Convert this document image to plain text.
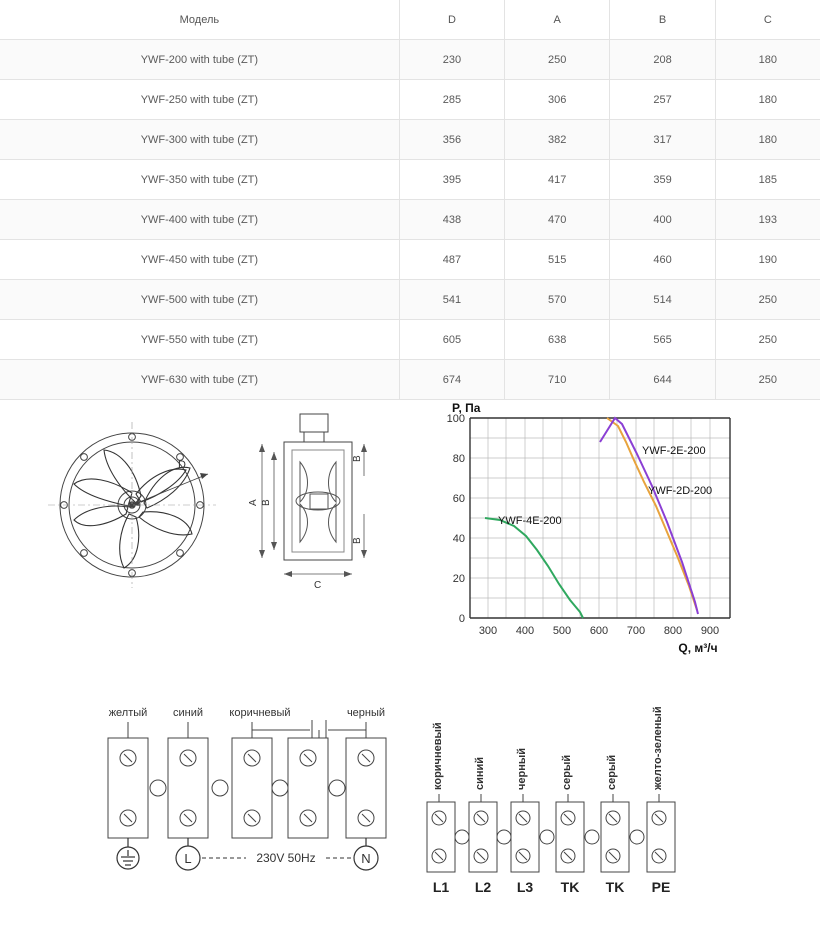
Модель	D	A	B	C
YWF-200 with tube (ZT)	230	250	208	180
YWF-250 with tube (ZT)	285	306	257	180
YWF-300 with tube (ZT)	356	382	317	180
YWF-350 with tube (ZT)	395	417	359	185
YWF-400 with tube (ZT)	438	470	400	193
YWF-450 with tube (ZT)	487	515	460	190
YWF-500 with tube (ZT)	541	570	514	250
YWF-550 with tube (ZT)	605	638	565	250
YWF-630 with tube (ZT)	674	710	644	250
D
A B
B
B
C
100
80
60
40
20
0
300 400 500 600 700 800 900
P, Па
Q, м³/ч
YWF-2E-200
YWF-2D-200
YWF-4E-200
желтый синий коричневый	черный
L	N
230V 50Hz
коричневый	синий	черный	серый	серый	желто-зеленый
L1 L2 L3 TK TK PE
